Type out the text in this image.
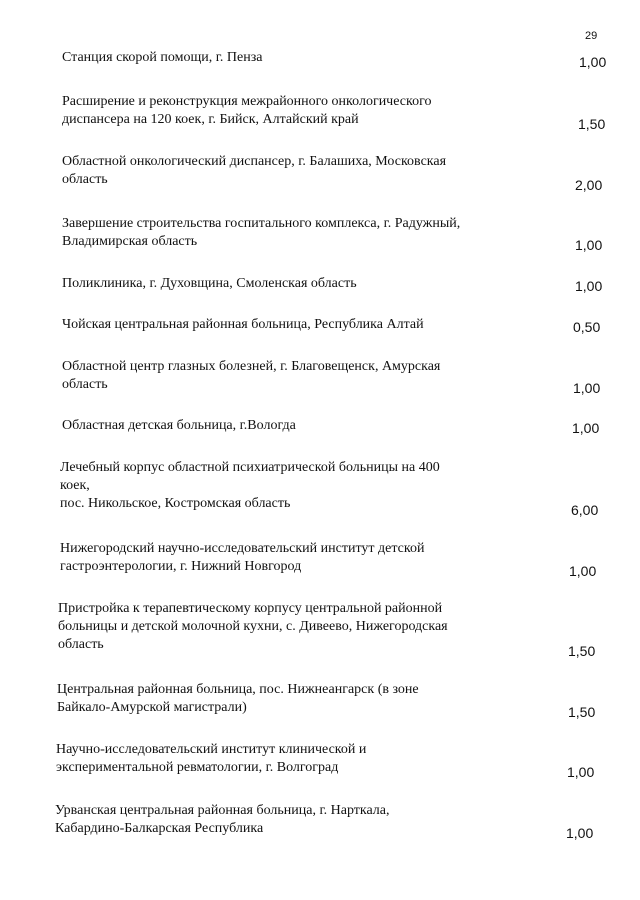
29
Станция скорой помощи, г. Пенза	1,00
Расширение и реконструкция межрайонного онкологического
диспансера на 120 коек, г. Бийск, Алтайский край	1,50
Областной онкологический диспансер, г. Балашиха, Московская
область	2,00
Завершение строительства госпитального комплекса, г. Радужный,
Владимирская область	1,00
Поликлиника, г. Духовщина, Смоленская область	1,00
Чойская центральная районная больница, Республика Алтай	0,50
Областной центр глазных болезней, г. Благовещенск, Амурская
область	1,00
Областная детская больница, г.Вологда	1,00
Лечебный корпус областной психиатрической больницы на 400
коек,
пос. Никольское, Костромская область	6,00
Нижегородский научно-исследовательский институт детской
гастроэнтерологии, г. Нижний Новгород	1,00
Пристройка к терапевтическому корпусу центральной районной
больницы и детской молочной кухни, с. Дивеево, Нижегородская
область	1,50
Центральная районная больница, пос. Нижнеангарск (в зоне
Байкало-Амурской магистрали)	1,50
Научно-исследовательский институт клинической и
экспериментальной ревматологии, г. Волгоград	1,00
Урванская центральная районная больница, г. Нарткала,
Кабардино-Балкарская Республика	1,00
